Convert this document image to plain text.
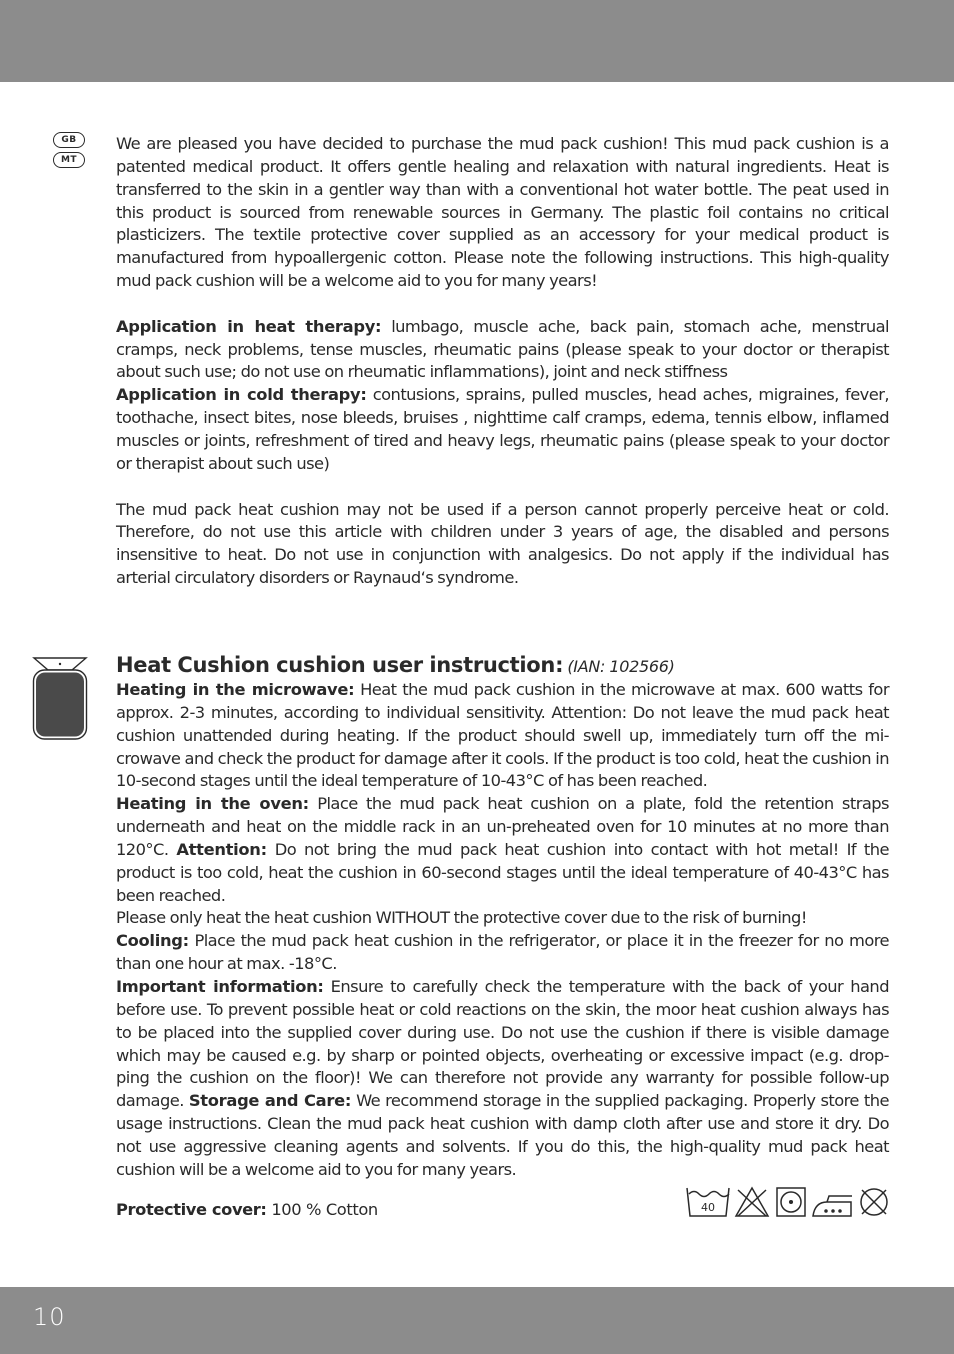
GB
MT

We are pleased you have decided to purchase the mud pack cushion! This mud pack cushion is a patented medical product. It offers gentle healing and relaxation with natural ingredients. Heat is transferred to the skin in a gentler way than with a conventional hot water bottle. The peat used in this product is sourced from renewable sources in Germany. The plastic foil contains no critical plasticizers. The textile protective cover supplied as an accessory for your medical product is manufactured from hypoallergenic cotton. Please note the following instructions. This high-quality mud pack cushion will be a welcome aid to you for many years!

Application in heat therapy: lumbago, muscle ache, back pain, stomach ache, menstrual cramps, neck problems, tense muscles, rheumatic pains (please speak to your doctor or therapist about such use; do not use on rheumatic inflammations), joint and neck stiffness

Application in cold therapy: contusions, sprains, pulled muscles, head aches, migraines, fever, toothache, insect bites, nose bleeds, bruises , nighttime calf cramps, edema, tennis elbow, inflamed muscles or joints, refreshment of tired and heavy legs, rheumatic pains (please speak to your doctor or therapist about such use)

The mud pack heat cushion may not be used if a person cannot properly perceive heat or cold. Therefore, do not use this article with children under 3 years of age, the disabled and persons insensitive to heat. Do not use in conjunction with analgesics. Do not apply if the individual has arterial circulatory disorders or Raynaud‘s syndrome.

Heat Cushion cushion user instruction: (IAN: 102566)

Heating in the microwave: Heat the mud pack cushion in the microwave at max. 600 watts for approx. 2-3 minutes, according to individual sensitivity. Attention: Do not leave the mud pack heat cushion unattended during heating. If the product should swell up, immediately turn off the mi-crowave and check the product for damage after it cools. If the product is too cold, heat the cushion in 10-second stages until the ideal temperature of 10-43°C of has been reached.

Heating in the oven: Place the mud pack heat cushion on a plate, fold the retention straps underneath and heat on the middle rack in an un-preheated oven for 10 minutes at no more than 120°C. Attention: Do not bring the mud pack heat cushion into contact with hot metal! If the product is too cold, heat the cushion in 60-second stages until the ideal temperature of 40-43°C has been reached.

Please only heat the heat cushion WITHOUT the protective cover due to the risk of burning!

Cooling: Place the mud pack heat cushion in the refrigerator, or place it in the freezer for no more than one hour at max. -18°C.

Important information: Ensure to carefully check the temperature with the back of your hand before use. To prevent possible heat or cold reactions on the skin, the moor heat cushion always has to be placed into the supplied cover during use. Do not use the cushion if there is visible damage which may be caused e.g. by sharp or pointed objects, overheating or excessive impact (e.g. drop-ping the cushion on the floor)! We can therefore not provide any warranty for possible follow-up damage. Storage and Care: We recommend storage in the supplied packaging. Properly store the usage instructions. Clean the mud pack heat cushion with damp cloth after use and store it dry. Do not use aggressive cleaning agents and solvents. If you do this, the high-quality mud pack heat cushion will be a welcome aid to you for many years.

Protective cover: 100 % Cotton	40
10
